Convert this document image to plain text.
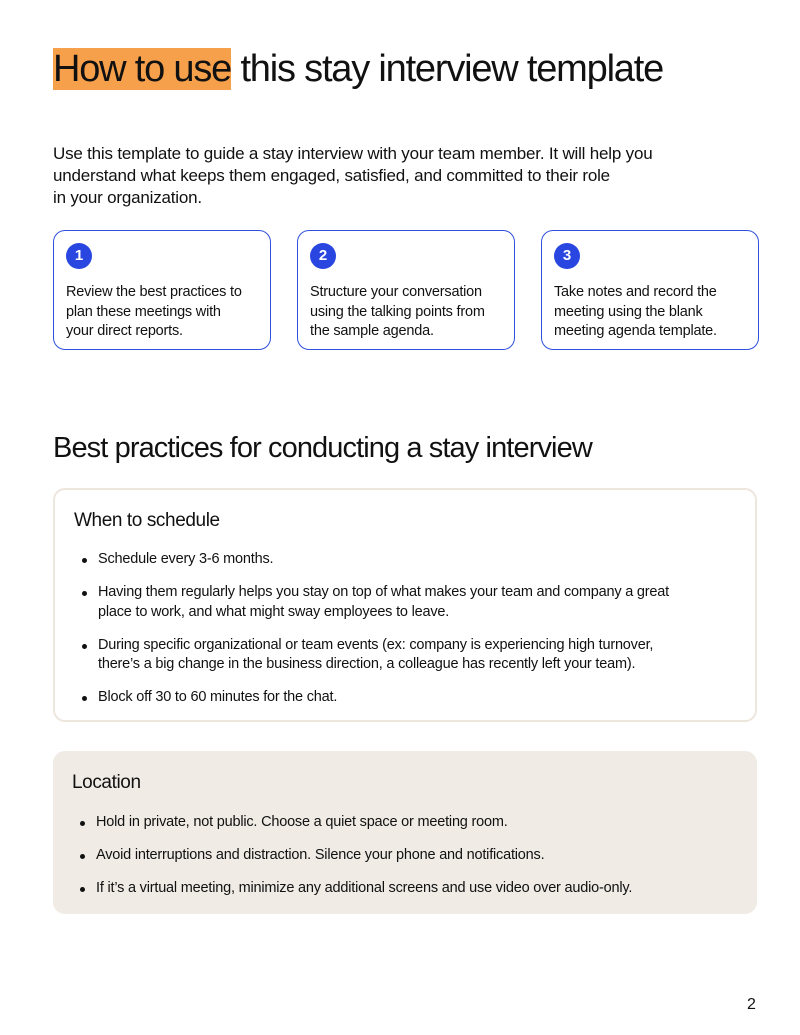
How to use this stay interview template

Use this template to guide a stay interview with your team member. It will help you
understand what keeps them engaged, satisfied, and committed to their role
in your organization.

1
Review the best practices to
plan these meetings with
your direct reports.
2
Structure your conversation
using the talking points from
the sample agenda.
3
Take notes and record the
meeting using the blank
meeting agenda template.
Best practices for conducting a stay interview
When to schedule
Schedule every 3-6 months.
Having them regularly helps you stay on top of what makes your team and company a great
place to work, and what might sway employees to leave.
During specific organizational or team events (ex: company is experiencing high turnover,
there’s a big change in the business direction, a colleague has recently left your team).
Block off 30 to 60 minutes for the chat.
Location
Hold in private, not public. Choose a quiet space or meeting room.
Avoid interruptions and distraction. Silence your phone and notifications.
If it’s a virtual meeting, minimize any additional screens and use video over audio-only.
2
